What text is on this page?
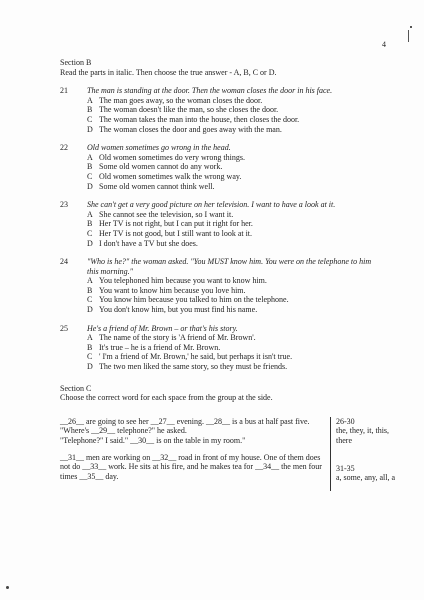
4
Section B
Read the parts in italic. Then choose the true answer - A, B, C or D.
21 The man is standing at the door. Then the woman closes the door in his face.
A The man goes away, so the woman closes the door.
B The woman doesn't like the man, so she closes the door.
C The woman takes the man into the house, then closes the door.
D The woman closes the door and goes away with the man.
22 Old women sometimes go wrong in the head.
A Old women sometimes do very wrong things.
B Some old women cannot do any work.
C Old women sometimes walk the wrong way.
D Some old women cannot think well.
23 She can't get a very good picture on her television. I want to have a look at it.
A She cannot see the television, so I want it.
B Her TV is not right, but I can put it right for her.
C Her TV is not good, but I still want to look at it.
D I don't have a TV but she does.
24 "Who is he?" the woman asked. "You MUST know him. You were on the telephone to him this morning."
A You telephoned him because you want to know him.
B You want to know him because you love him.
C You know him because you talked to him on the telephone.
D You don't know him, but you must find his name.
25 He's a friend of Mr. Brown – or that's his story.
A The name of the story is 'A friend of Mr. Brown'.
B It's true – he is a friend of Mr. Brown.
C ' I'm a friend of Mr. Brown,' he said, but perhaps it isn't true.
D The two men liked the same story, so they must be friends.
Section C
Choose the correct word for each space from the group at the side.

__26__ are going to see her __27__ evening. __28__ is a bus at half past five.
"Where's __29__ telephone?" he asked.
"Telephone?" I said." __30__ is on the table in my room."

__31__ men are working on __32__ road in front of my house. One of them does not do __33__ work. He sits at his fire, and he makes tea for __34__ the men four times __35__ day.

26-30
the, they, it, this, there
31-35
a, some, any, all, a
